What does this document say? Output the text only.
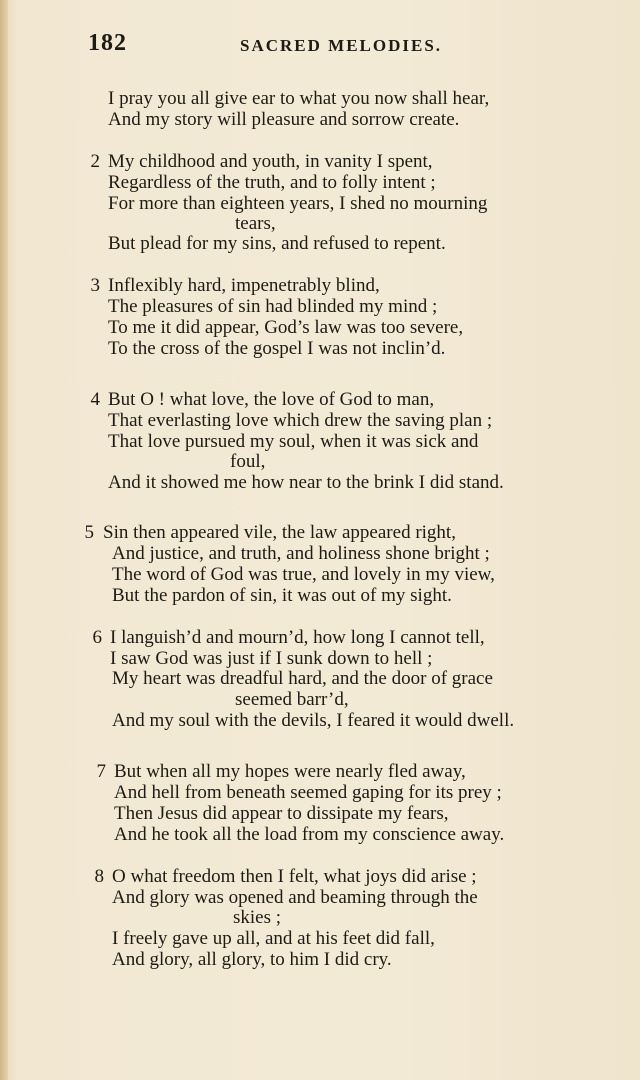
182	SACRED MELODIES.
I pray you all give ear to what you now shall hear,
And my story will pleasure and sorrow create.
2 My childhood and youth, in vanity I spent,
Regardless of the truth, and to folly intent ;
For more than eighteen years, I shed no mourning
tears,
But plead for my sins, and refused to repent.
3 Inflexibly hard, impenetrably blind,
The pleasures of sin had blinded my mind ;
To me it did appear, God’s law was too severe,
To the cross of the gospel I was not inclin’d.
4 But O ! what love, the love of God to man,
That everlasting love which drew the saving plan ;
That love pursued my soul, when it was sick and
foul,
And it showed me how near to the brink I did stand.
5 Sin then appeared vile, the law appeared right,
And justice, and truth, and holiness shone bright ;
The word of God was true, and lovely in my view,
But the pardon of sin, it was out of my sight.
6 I languish’d and mourn’d, how long I cannot tell,
I saw God was just if I sunk down to hell ;
My heart was dreadful hard, and the door of grace
seemed barr’d,
And my soul with the devils, I feared it would dwell.
7 But when all my hopes were nearly fled away,
And hell from beneath seemed gaping for its prey ;
Then Jesus did appear to dissipate my fears,
And he took all the load from my conscience away.
8 O what freedom then I felt, what joys did arise ;
And glory was opened and beaming through the
skies ;
I freely gave up all, and at his feet did fall,
And glory, all glory, to him I did cry.
